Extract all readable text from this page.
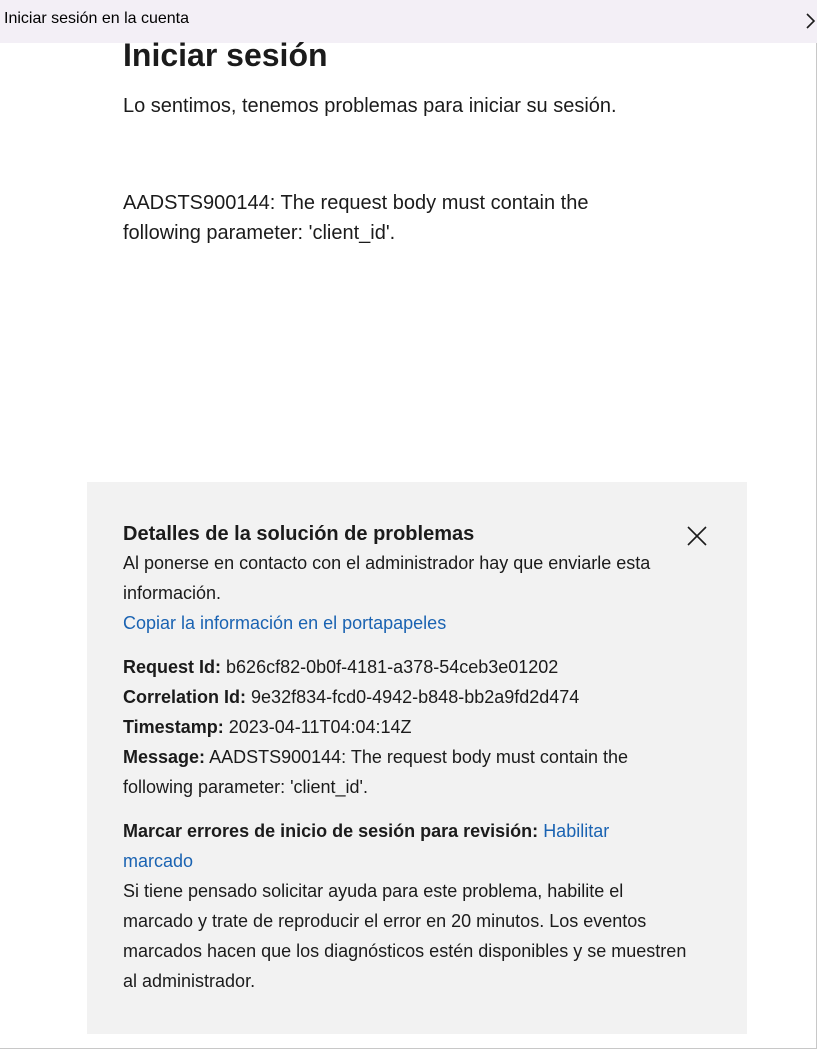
Iniciar sesión en la cuenta
Iniciar sesión

Lo sentimos, tenemos problemas para iniciar su sesión.

AADSTS900144: The request body must contain the following parameter: 'client_id'.

Detalles de la solución de problemas

Al ponerse en contacto con el administrador hay que enviarle esta información.

Copiar la información en el portapapeles

Request Id: b626cf82-0b0f-4181-a378-54ceb3e01202
Correlation Id: 9e32f834-fcd0-4942-b848-bb2a9fd2d474
Timestamp: 2023-04-11T04:04:14Z
Message: AADSTS900144: The request body must contain the following parameter: 'client_id'.
Marcar errores de inicio de sesión para revisión: Habilitar marcado
Si tiene pensado solicitar ayuda para este problema, habilite el marcado y trate de reproducir el error en 20 minutos. Los eventos marcados hacen que los diagnósticos estén disponibles y se muestren al administrador.
